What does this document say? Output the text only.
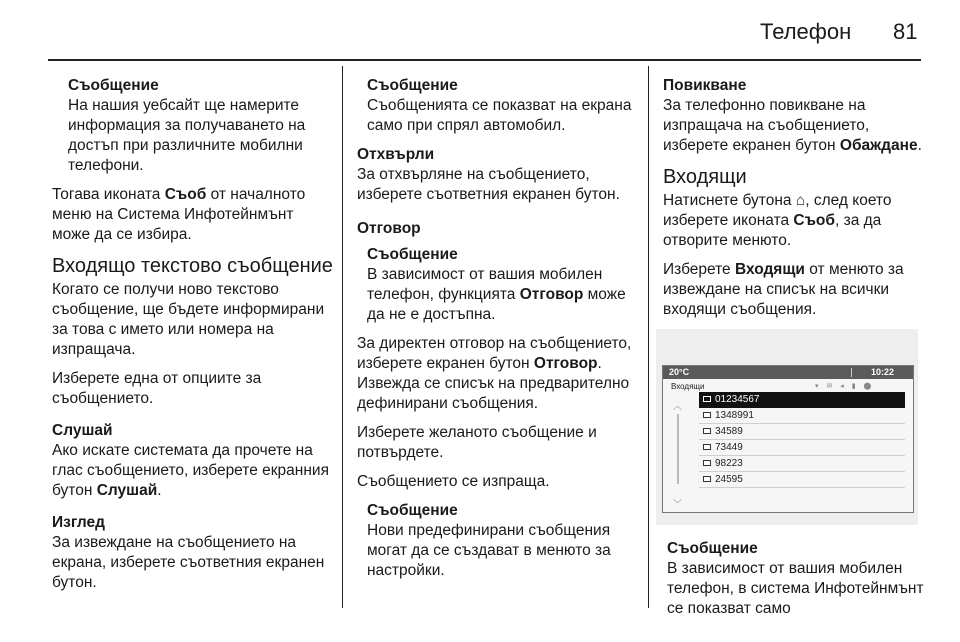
Телефон 81
Съобщение
На нашия уебсайт ще намерите информация за получаването на достъп при различните мобилни телефони.

Тогава иконата Съоб от началното меню на Система Инфотейнмънт може да се избира.

Входящо текстово съобщение

Когато се получи ново текстово съобщение, ще бъдете информирани за това с името или номера на изпращача.

Изберете една от опциите за съобщението.

Слушай

Ако искате системата да прочете на глас съобщението, изберете екранния бутон Слушай.

Изглед

За извеждане на съобщението на екрана, изберете съответния екранен бутон.

Съобщение
Съобщенията се показват на екрана само при спрял автомобил.
Отхвърли

За отхвърляне на съобщението, изберете съответния екранен бутон.

Отговор
Съобщение
В зависимост от вашия мобилен телефон, функцията Отговор може да не е достъпна.

За директен отговор на съобщението, изберете екранен бутон Отговор. Извежда се списък на предварително дефинирани съобщения.

Изберете желаното съобщение и потвърдете.

Съобщението се изпраща.

Съобщение
Нови предефинирани съобщения могат да се създават в менюто за настройки.
Повикване

За телефонно повикване на изпращача на съобщението, изберете екранен бутон Обаждане.

Входящи

Натиснете бутона ⌂, след което изберете иконата Съоб, за да отворите менюто.

Изберете Входящи от менюто за извеждане на списък на всички входящи съобщения.

20°C	10:22
Входящи	▾ ✉ ◂ ▮ ⬤
︿
﹀
01234567
1348991
34589
73449
98223
24595
Съобщение
В зависимост от вашия мобилен телефон, в система Инфотейнмънт се показват само
